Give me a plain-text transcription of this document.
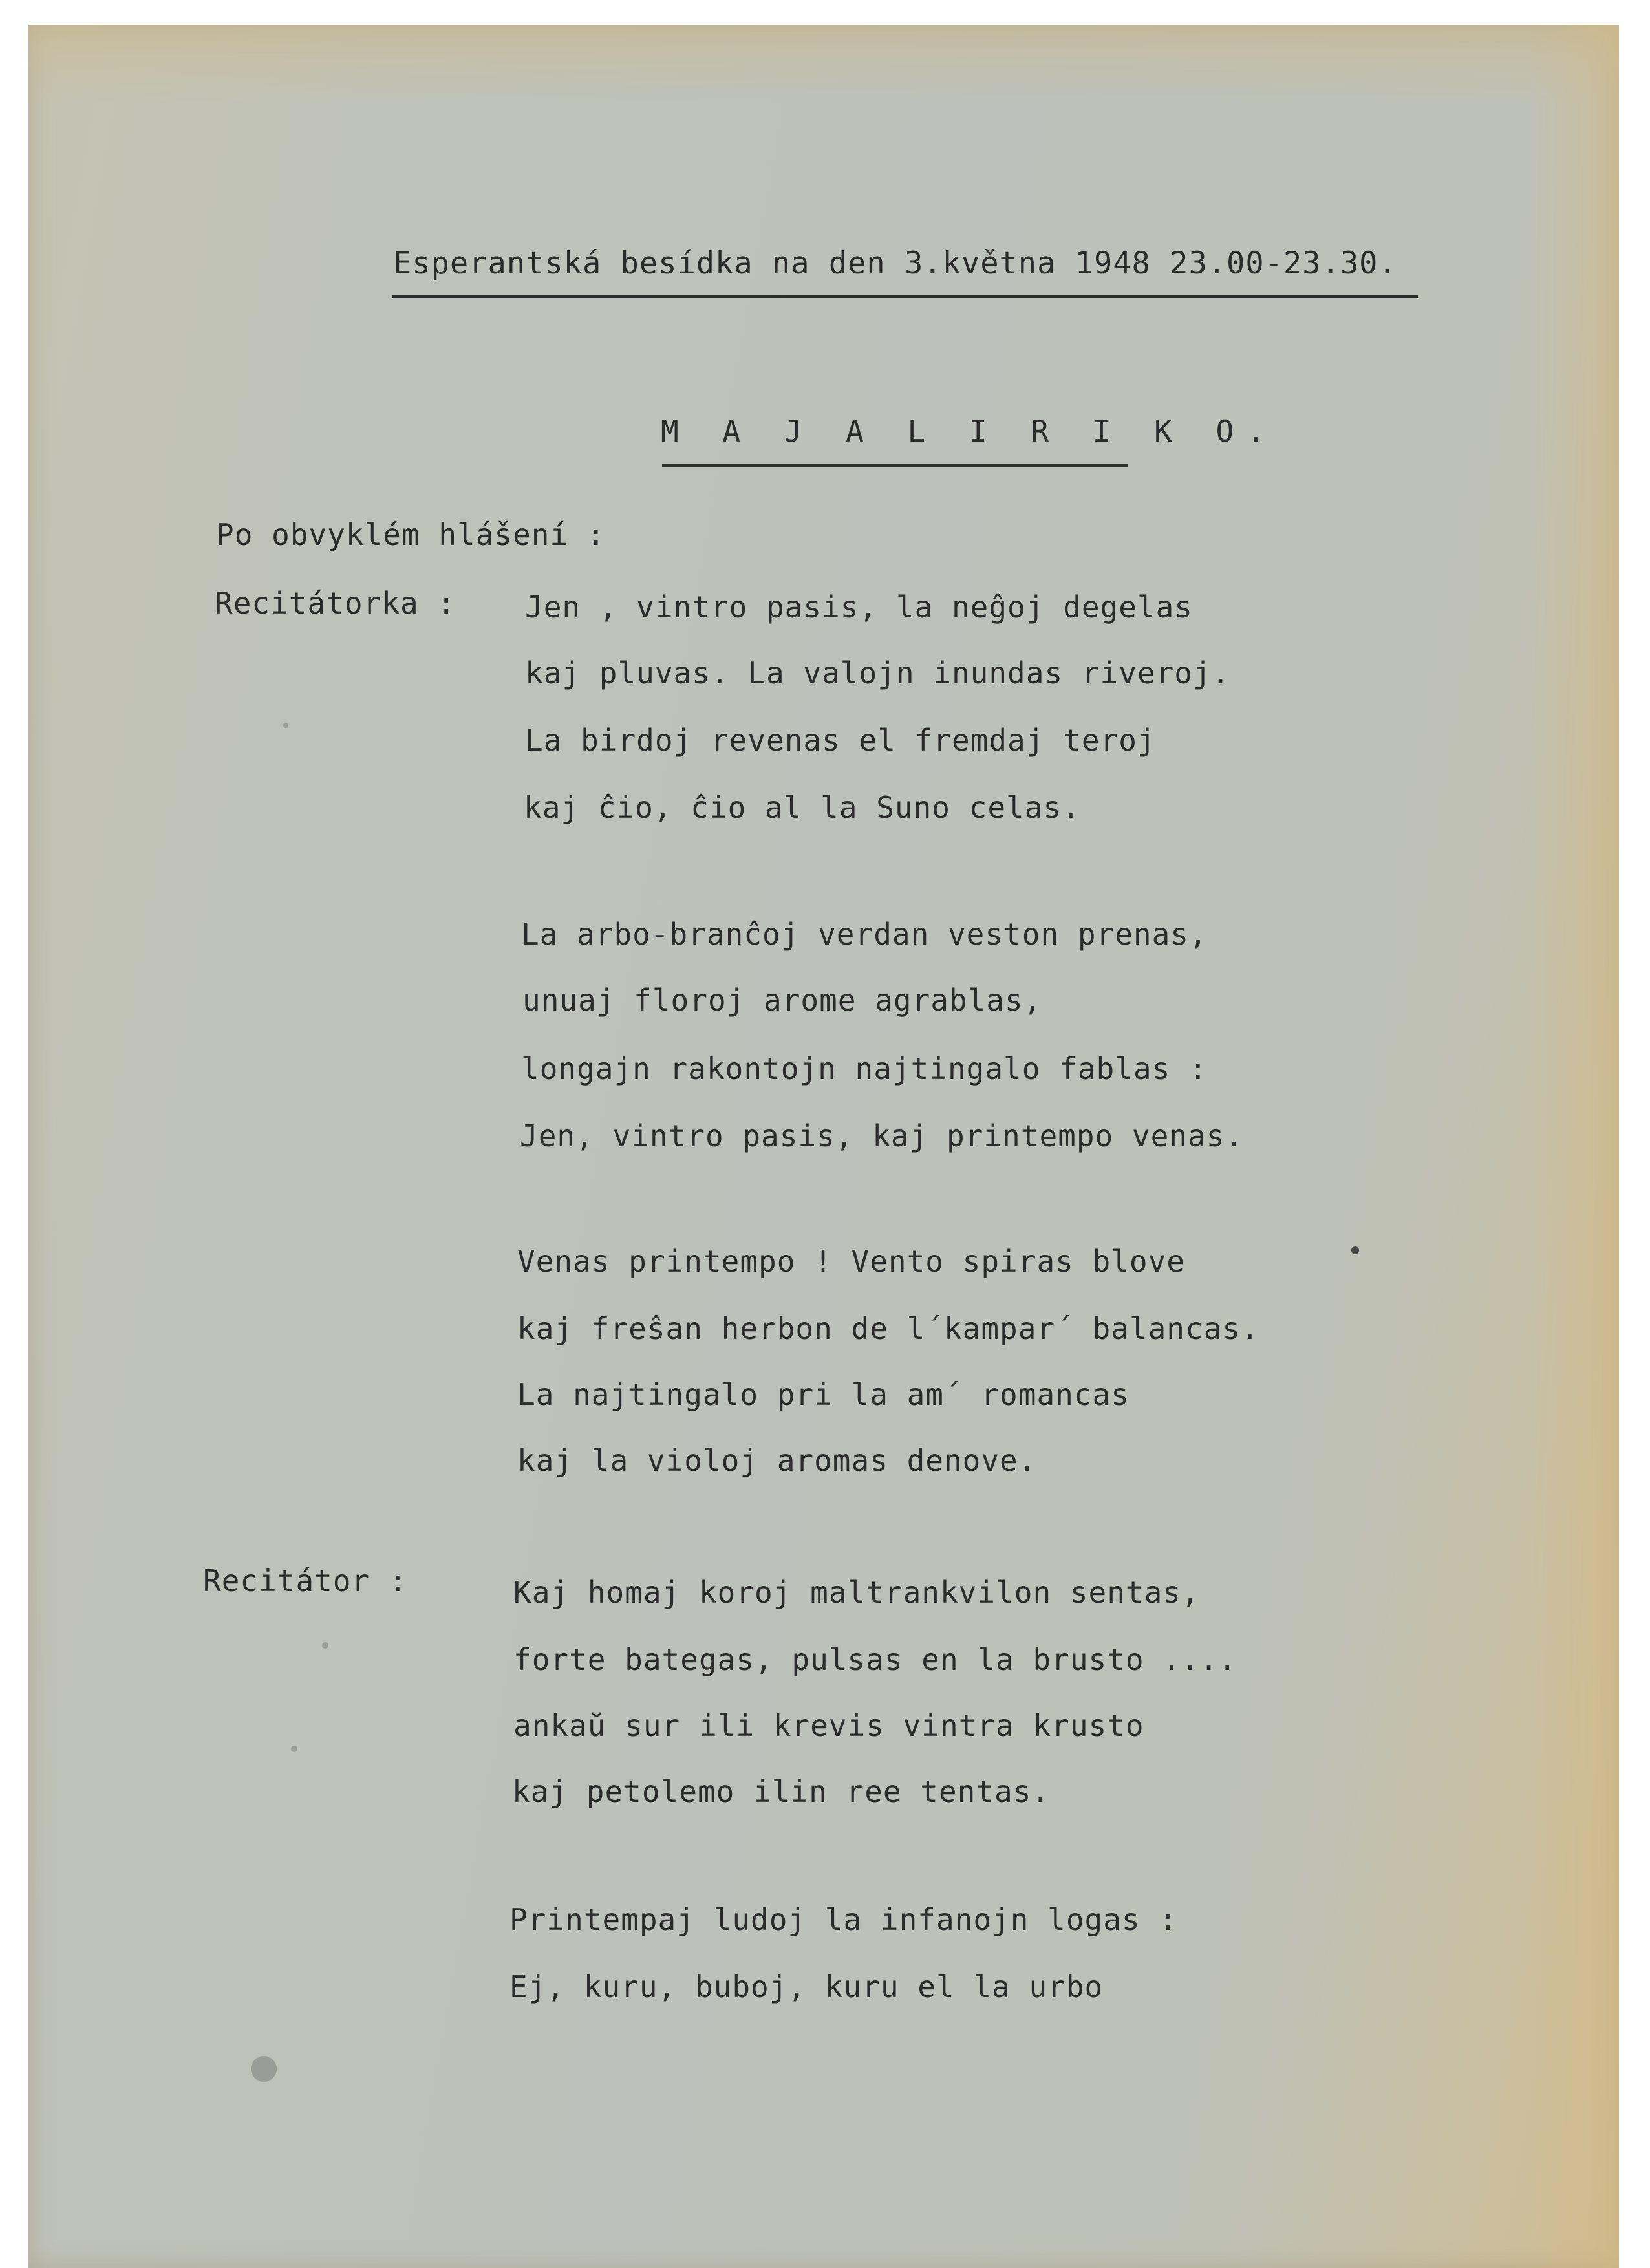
Esperantská besídka na den 3.května 1948 23.00-23.30.
M A J A L I R I K O.
Po obvyklém hlášení :
Recitátorka : Jen , vintro pasis, la neĝoj degelas
kaj pluvas. La valojn inundas riveroj.
La birdoj revenas el fremdaj teroj
kaj ĉio, ĉio al la Suno celas.
La arbo-branĉoj verdan veston prenas,
unuaj floroj arome agrablas,
longajn rakontojn najtingalo fablas :
Jen, vintro pasis, kaj printempo venas.
Venas printempo ! Vento spiras blove
kaj freŝan herbon de l´kampar´ balancas.
La najtingalo pri la am´ romancas
kaj la violoj aromas denove.
Recitátor :	Kaj homaj koroj maltrankvilon sentas,
forte bategas, pulsas en la brusto ....
ankaŭ sur ili krevis vintra krusto
kaj petolemo ilin ree tentas.
Printempaj ludoj la infanojn logas :
Ej, kuru, buboj, kuru el la urbo
